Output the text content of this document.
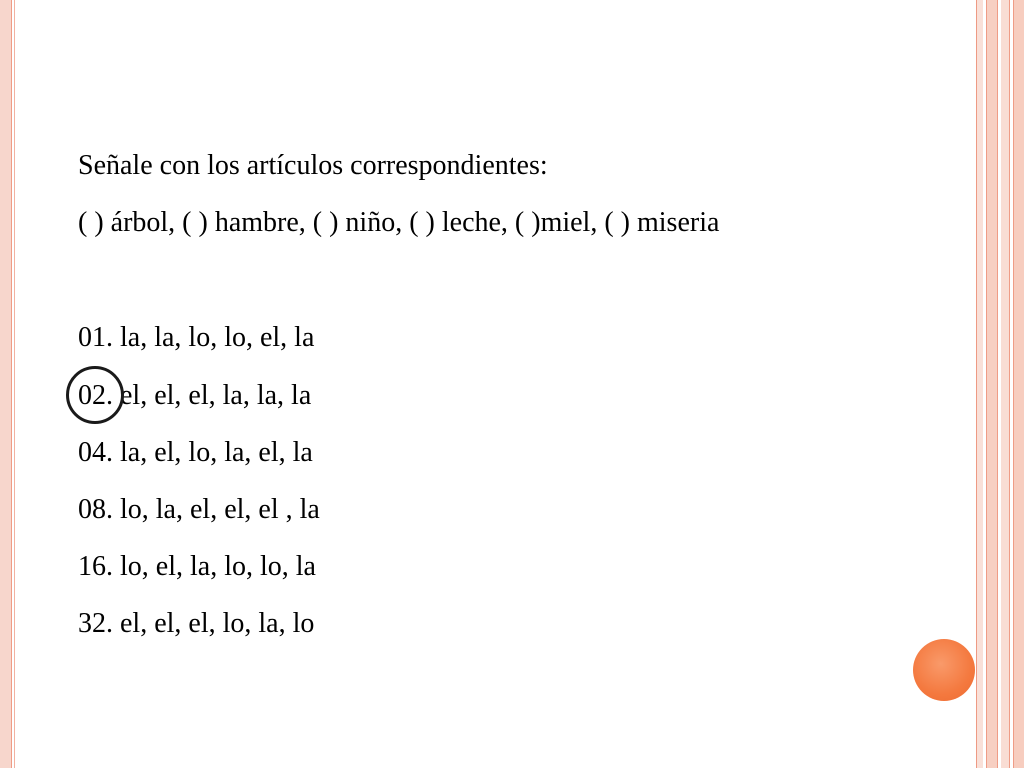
Señale con los artículos correspondientes:
( ) árbol, ( ) hambre, ( ) niño, ( ) leche, ( )miel, ( ) miseria
01. la, la, lo, lo, el, la
02. el, el, el, la, la, la
04. la, el, lo, la, el, la
08. lo, la, el, el, el , la
16. lo, el, la, lo, lo, la
32. el, el, el, lo, la, lo
